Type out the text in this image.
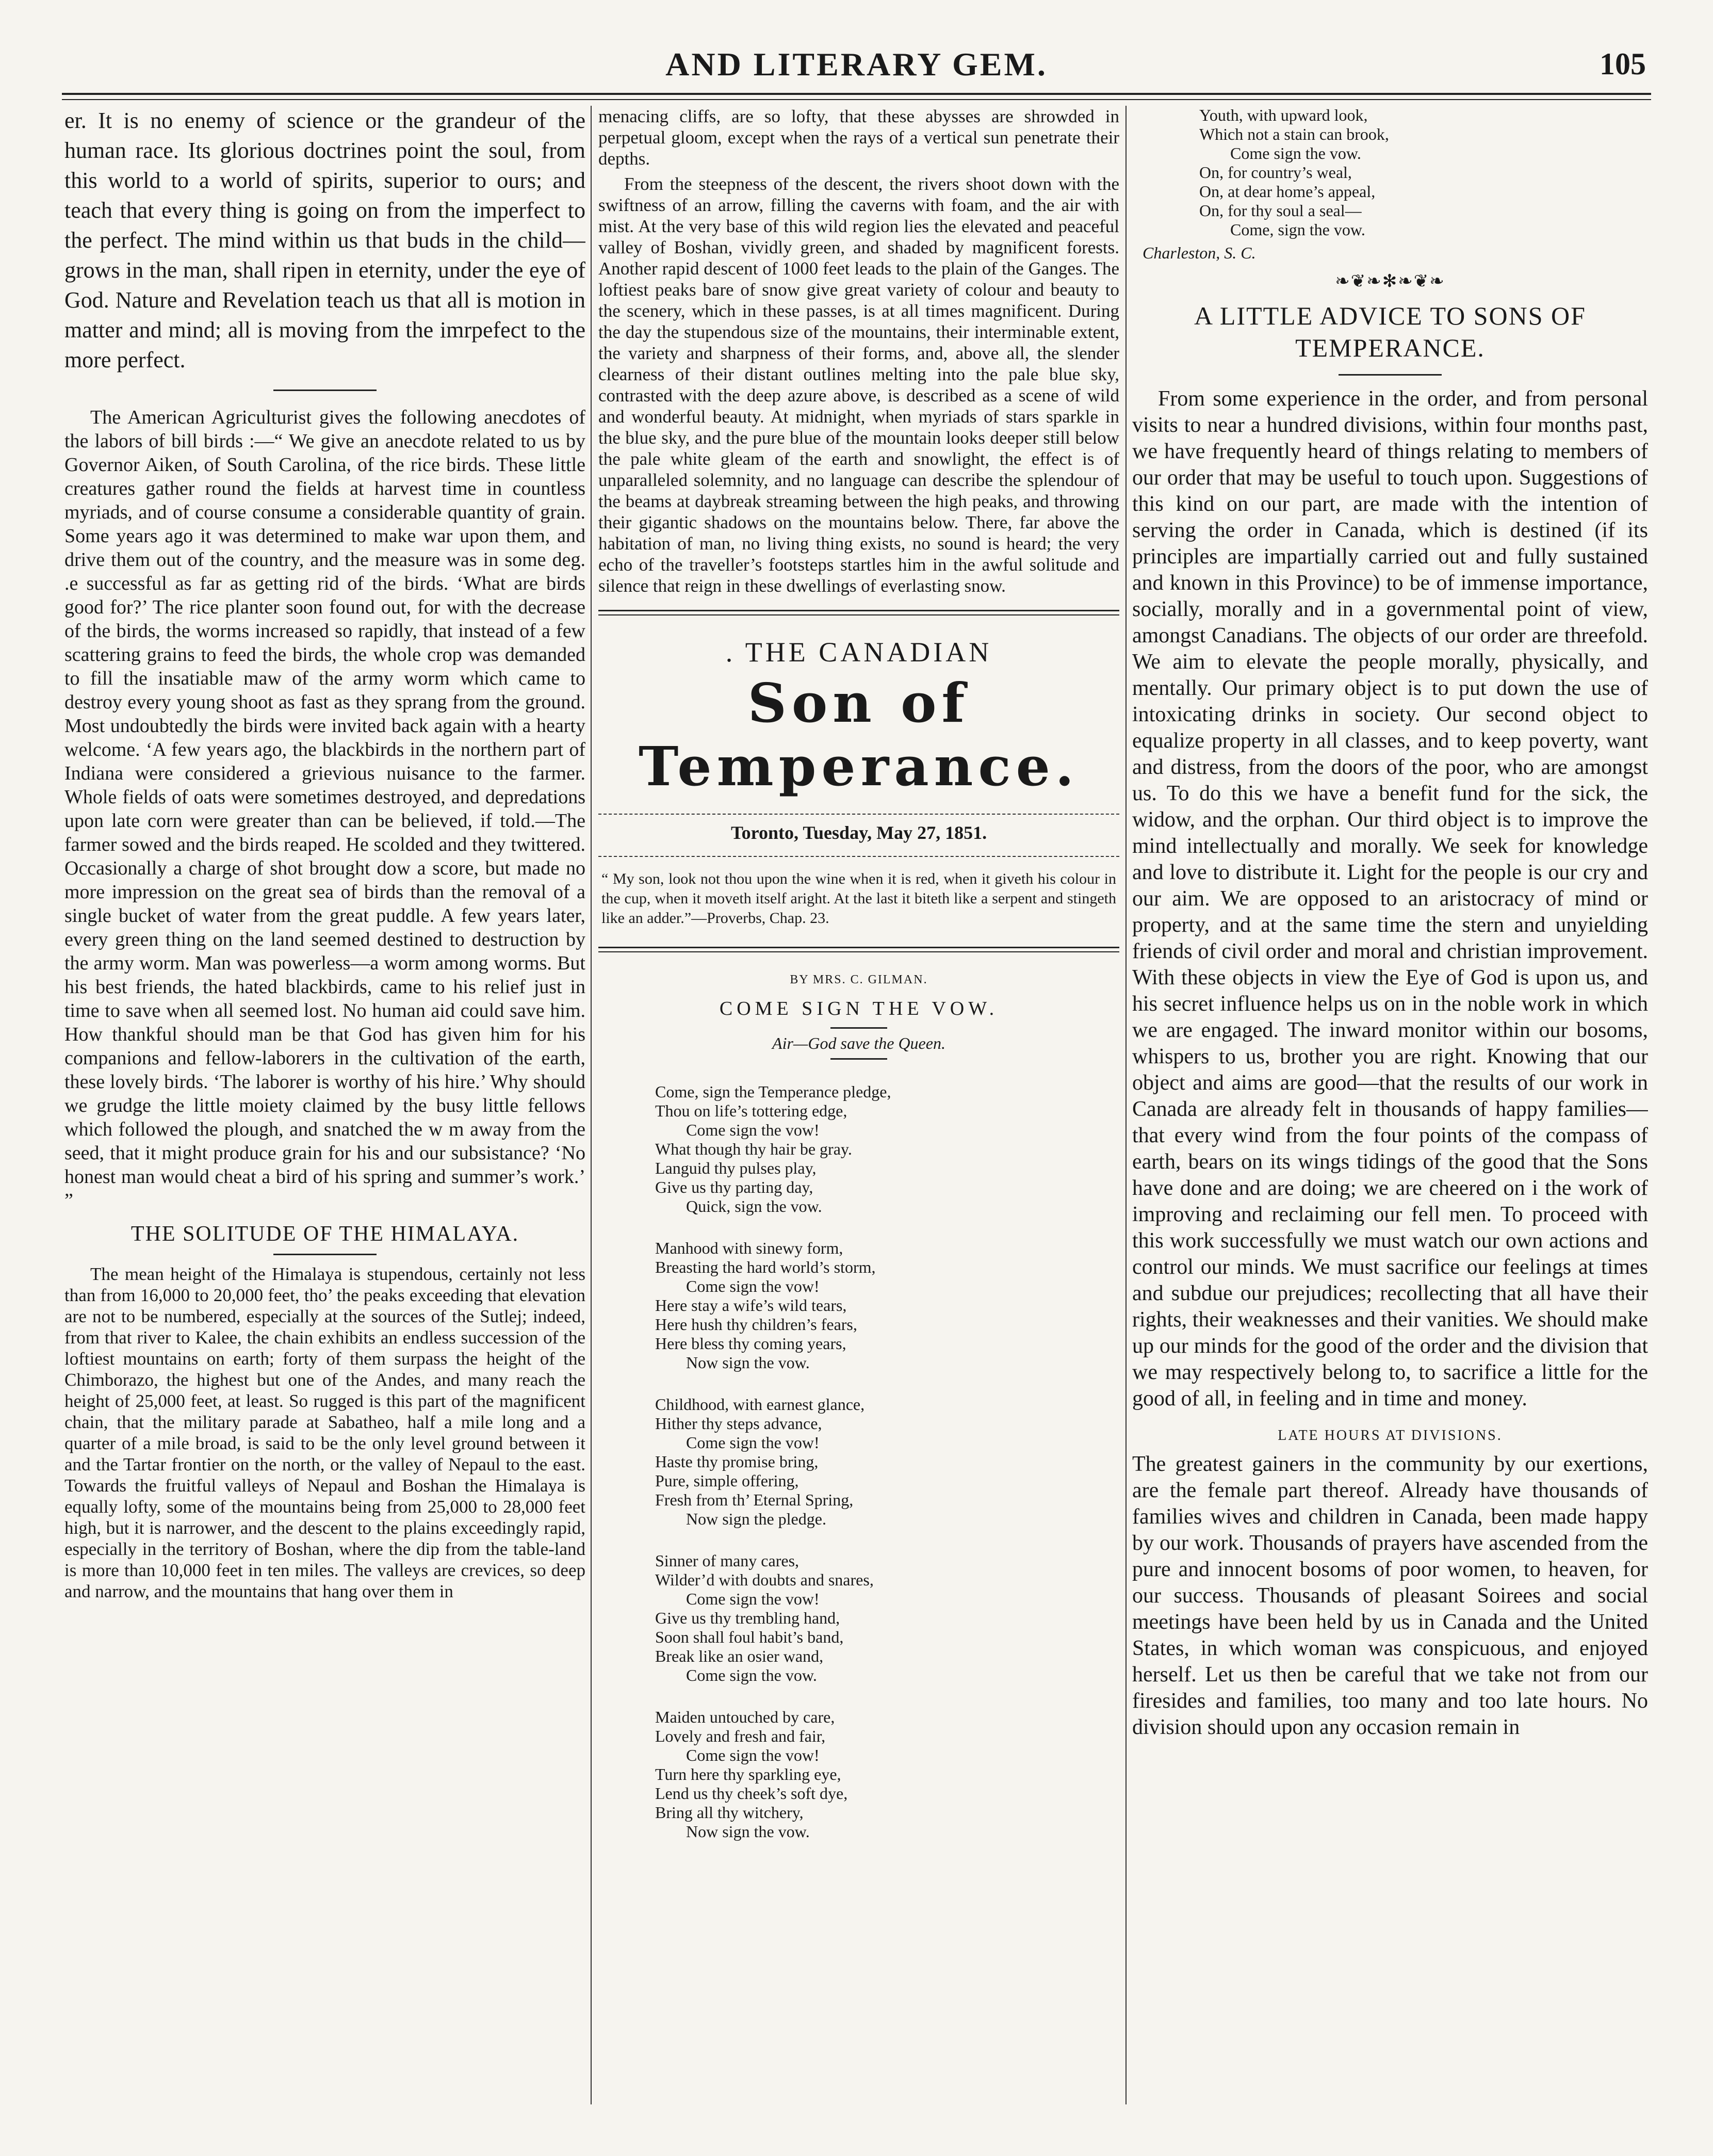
AND LITERARY GEM.	105

er. It is no enemy of science or the grandeur of the human race. Its glorious doctrines point the soul, from this world to a world of spirits, superior to ours; and teach that every thing is going on from the imperfect to the perfect. The mind within us that buds in the child—grows in the man, shall ripen in eternity, under the eye of God. Nature and Revelation teach us that all is motion in matter and mind; all is moving from the imrpefect to the more perfect.

The American Agriculturist gives the following anecdotes of the labors of bill birds :—“ We give an anecdote related to us by Governor Aiken, of South Carolina, of the rice birds. These little creatures gather round the fields at harvest time in countless myriads, and of course consume a considerable quantity of grain. Some years ago it was determined to make war upon them, and drive them out of the country, and the measure was in some deg. .e successful as far as getting rid of the birds. ‘What are birds good for?’ The rice planter soon found out, for with the decrease of the birds, the worms increased so rapidly, that instead of a few scattering grains to feed the birds, the whole crop was demanded to fill the insatiable maw of the army worm which came to destroy every young shoot as fast as they sprang from the ground. Most undoubtedly the birds were invited back again with a hearty welcome. ‘A few years ago, the blackbirds in the northern part of Indiana were considered a grievious nuisance to the farmer. Whole fields of oats were sometimes destroyed, and depredations upon late corn were greater than can be believed, if told.—The farmer sowed and the birds reaped. He scolded and they twittered. Occasionally a charge of shot brought dow a score, but made no more impression on the great sea of birds than the removal of a single bucket of water from the great puddle. A few years later, every green thing on the land seemed destined to destruction by the army worm. Man was powerless—a worm among worms. But his best friends, the hated blackbirds, came to his relief just in time to save when all seemed lost. No human aid could save him. How thankful should man be that God has given him for his companions and fellow-laborers in the cultivation of the earth, these lovely birds. ‘The laborer is worthy of his hire.’ Why should we grudge the little moiety claimed by the busy little fellows which followed the plough, and snatched the w m away from the seed, that it might produce grain for his and our subsistance? ‘No honest man would cheat a bird of his spring and summer’s work.’ ”

THE SOLITUDE OF THE HIMALAYA.

The mean height of the Himalaya is stupendous, certainly not less than from 16,000 to 20,000 feet, tho’ the peaks exceeding that elevation are not to be numbered, especially at the sources of the Sutlej; indeed, from that river to Kalee, the chain exhibits an endless succession of the loftiest mountains on earth; forty of them surpass the height of the Chimborazo, the highest but one of the Andes, and many reach the height of 25,000 feet, at least. So rugged is this part of the magnificent chain, that the military parade at Sabatheo, half a mile long and a quarter of a mile broad, is said to be the only level ground between it and the Tartar frontier on the north, or the valley of Nepaul to the east. Towards the fruitful valleys of Nepaul and Boshan the Himalaya is equally lofty, some of the mountains being from 25,000 to 28,000 feet high, but it is narrower, and the descent to the plains exceedingly rapid, especially in the territory of Boshan, where the dip from the table-land is more than 10,000 feet in ten miles. The valleys are crevices, so deep and narrow, and the mountains that hang over them in

menacing cliffs, are so lofty, that these abysses are shrowded in perpetual gloom, except when the rays of a vertical sun penetrate their depths.

From the steepness of the descent, the rivers shoot down with the swiftness of an arrow, filling the caverns with foam, and the air with mist. At the very base of this wild region lies the elevated and peaceful valley of Boshan, vividly green, and shaded by magnificent forests. Another rapid descent of 1000 feet leads to the plain of the Ganges. The loftiest peaks bare of snow give great variety of colour and beauty to the scenery, which in these passes, is at all times magnificent. During the day the stupendous size of the mountains, their interminable extent, the variety and sharpness of their forms, and, above all, the slender clearness of their distant outlines melting into the pale blue sky, contrasted with the deep azure above, is described as a scene of wild and wonderful beauty. At midnight, when myriads of stars sparkle in the blue sky, and the pure blue of the mountain looks deeper still below the pale white gleam of the earth and snowlight, the effect is of unparalleled solemnity, and no language can describe the splendour of the beams at daybreak streaming between the high peaks, and throwing their gigantic shadows on the mountains below. There, far above the habitation of man, no living thing exists, no sound is heard; the very echo of the traveller’s footsteps startles him in the awful solitude and silence that reign in these dwellings of everlasting snow.

. THE CANADIAN
Son of Temperance.
Toronto, Tuesday, May 27, 1851.

“ My son, look not thou upon the wine when it is red, when it giveth his colour in the cup, when it moveth itself aright. At the last it biteth like a serpent and stingeth like an adder.”—Proverbs, Chap. 23.

BY MRS. C. GILMAN.
COME SIGN THE VOW.
Air—God save the Queen.
Come, sign the Temperance pledge,
Thou on life’s tottering edge,
Come sign the vow!
What though thy hair be gray.
Languid thy pulses play,
Give us thy parting day,
Quick, sign the vow.
Manhood with sinewy form,
Breasting the hard world’s storm,
Come sign the vow!
Here stay a wife’s wild tears,
Here hush thy children’s fears,
Here bless thy coming years,
Now sign the vow.
Childhood, with earnest glance,
Hither thy steps advance,
Come sign the vow!
Haste thy promise bring,
Pure, simple offering,
Fresh from th’ Eternal Spring,
Now sign the pledge.
Sinner of many cares,
Wilder’d with doubts and snares,
Come sign the vow!
Give us thy trembling hand,
Soon shall foul habit’s band,
Break like an osier wand,
Come sign the vow.
Maiden untouched by care,
Lovely and fresh and fair,
Come sign the vow!
Turn here thy sparkling eye,
Lend us thy cheek’s soft dye,
Bring all thy witchery,
Now sign the vow.
Youth, with upward look,
Which not a stain can brook,
Come sign the vow.
On, for country’s weal,
On, at dear home’s appeal,
On, for thy soul a seal—
Come, sign the vow.
Charleston, S. C.
❧❦❧✻❧❦❧
A LITTLE ADVICE TO SONS OF TEMPERANCE.

From some experience in the order, and from personal visits to near a hundred divisions, within four months past, we have frequently heard of things relating to members of our order that may be useful to touch upon. Suggestions of this kind on our part, are made with the intention of serving the order in Canada, which is destined (if its principles are impartially carried out and fully sustained and known in this Province) to be of immense importance, socially, morally and in a governmental point of view, amongst Canadians. The objects of our order are threefold. We aim to elevate the people morally, physically, and mentally. Our primary object is to put down the use of intoxicating drinks in society. Our second object to equalize property in all classes, and to keep poverty, want and distress, from the doors of the poor, who are amongst us. To do this we have a benefit fund for the sick, the widow, and the orphan. Our third object is to improve the mind intellectually and morally. We seek for knowledge and love to distribute it. Light for the people is our cry and our aim. We are opposed to an aristocracy of mind or property, and at the same time the stern and unyielding friends of civil order and moral and christian improvement. With these objects in view the Eye of God is upon us, and his secret influence helps us on in the noble work in which we are engaged. The inward monitor within our bosoms, whispers to us, brother you are right. Knowing that our object and aims are good—that the results of our work in Canada are already felt in thousands of happy families—that every wind from the four points of the compass of earth, bears on its wings tidings of the good that the Sons have done and are doing; we are cheered on i the work of improving and reclaiming our fell men. To proceed with this work successfully we must watch our own actions and control our minds. We must sacrifice our feelings at times and subdue our prejudices; recollecting that all have their rights, their weaknesses and their vanities. We should make up our minds for the good of the order and the division that we may respectively belong to, to sacrifice a little for the good of all, in feeling and in time and money.

LATE HOURS AT DIVISIONS.

The greatest gainers in the community by our exertions, are the female part thereof. Already have thousands of families wives and children in Canada, been made happy by our work. Thousands of prayers have ascended from the pure and innocent bosoms of poor women, to heaven, for our success. Thousands of pleasant Soirees and social meetings have been held by us in Canada and the United States, in which woman was conspicuous, and enjoyed herself. Let us then be careful that we take not from our firesides and families, too many and too late hours. No division should upon any occasion remain in
